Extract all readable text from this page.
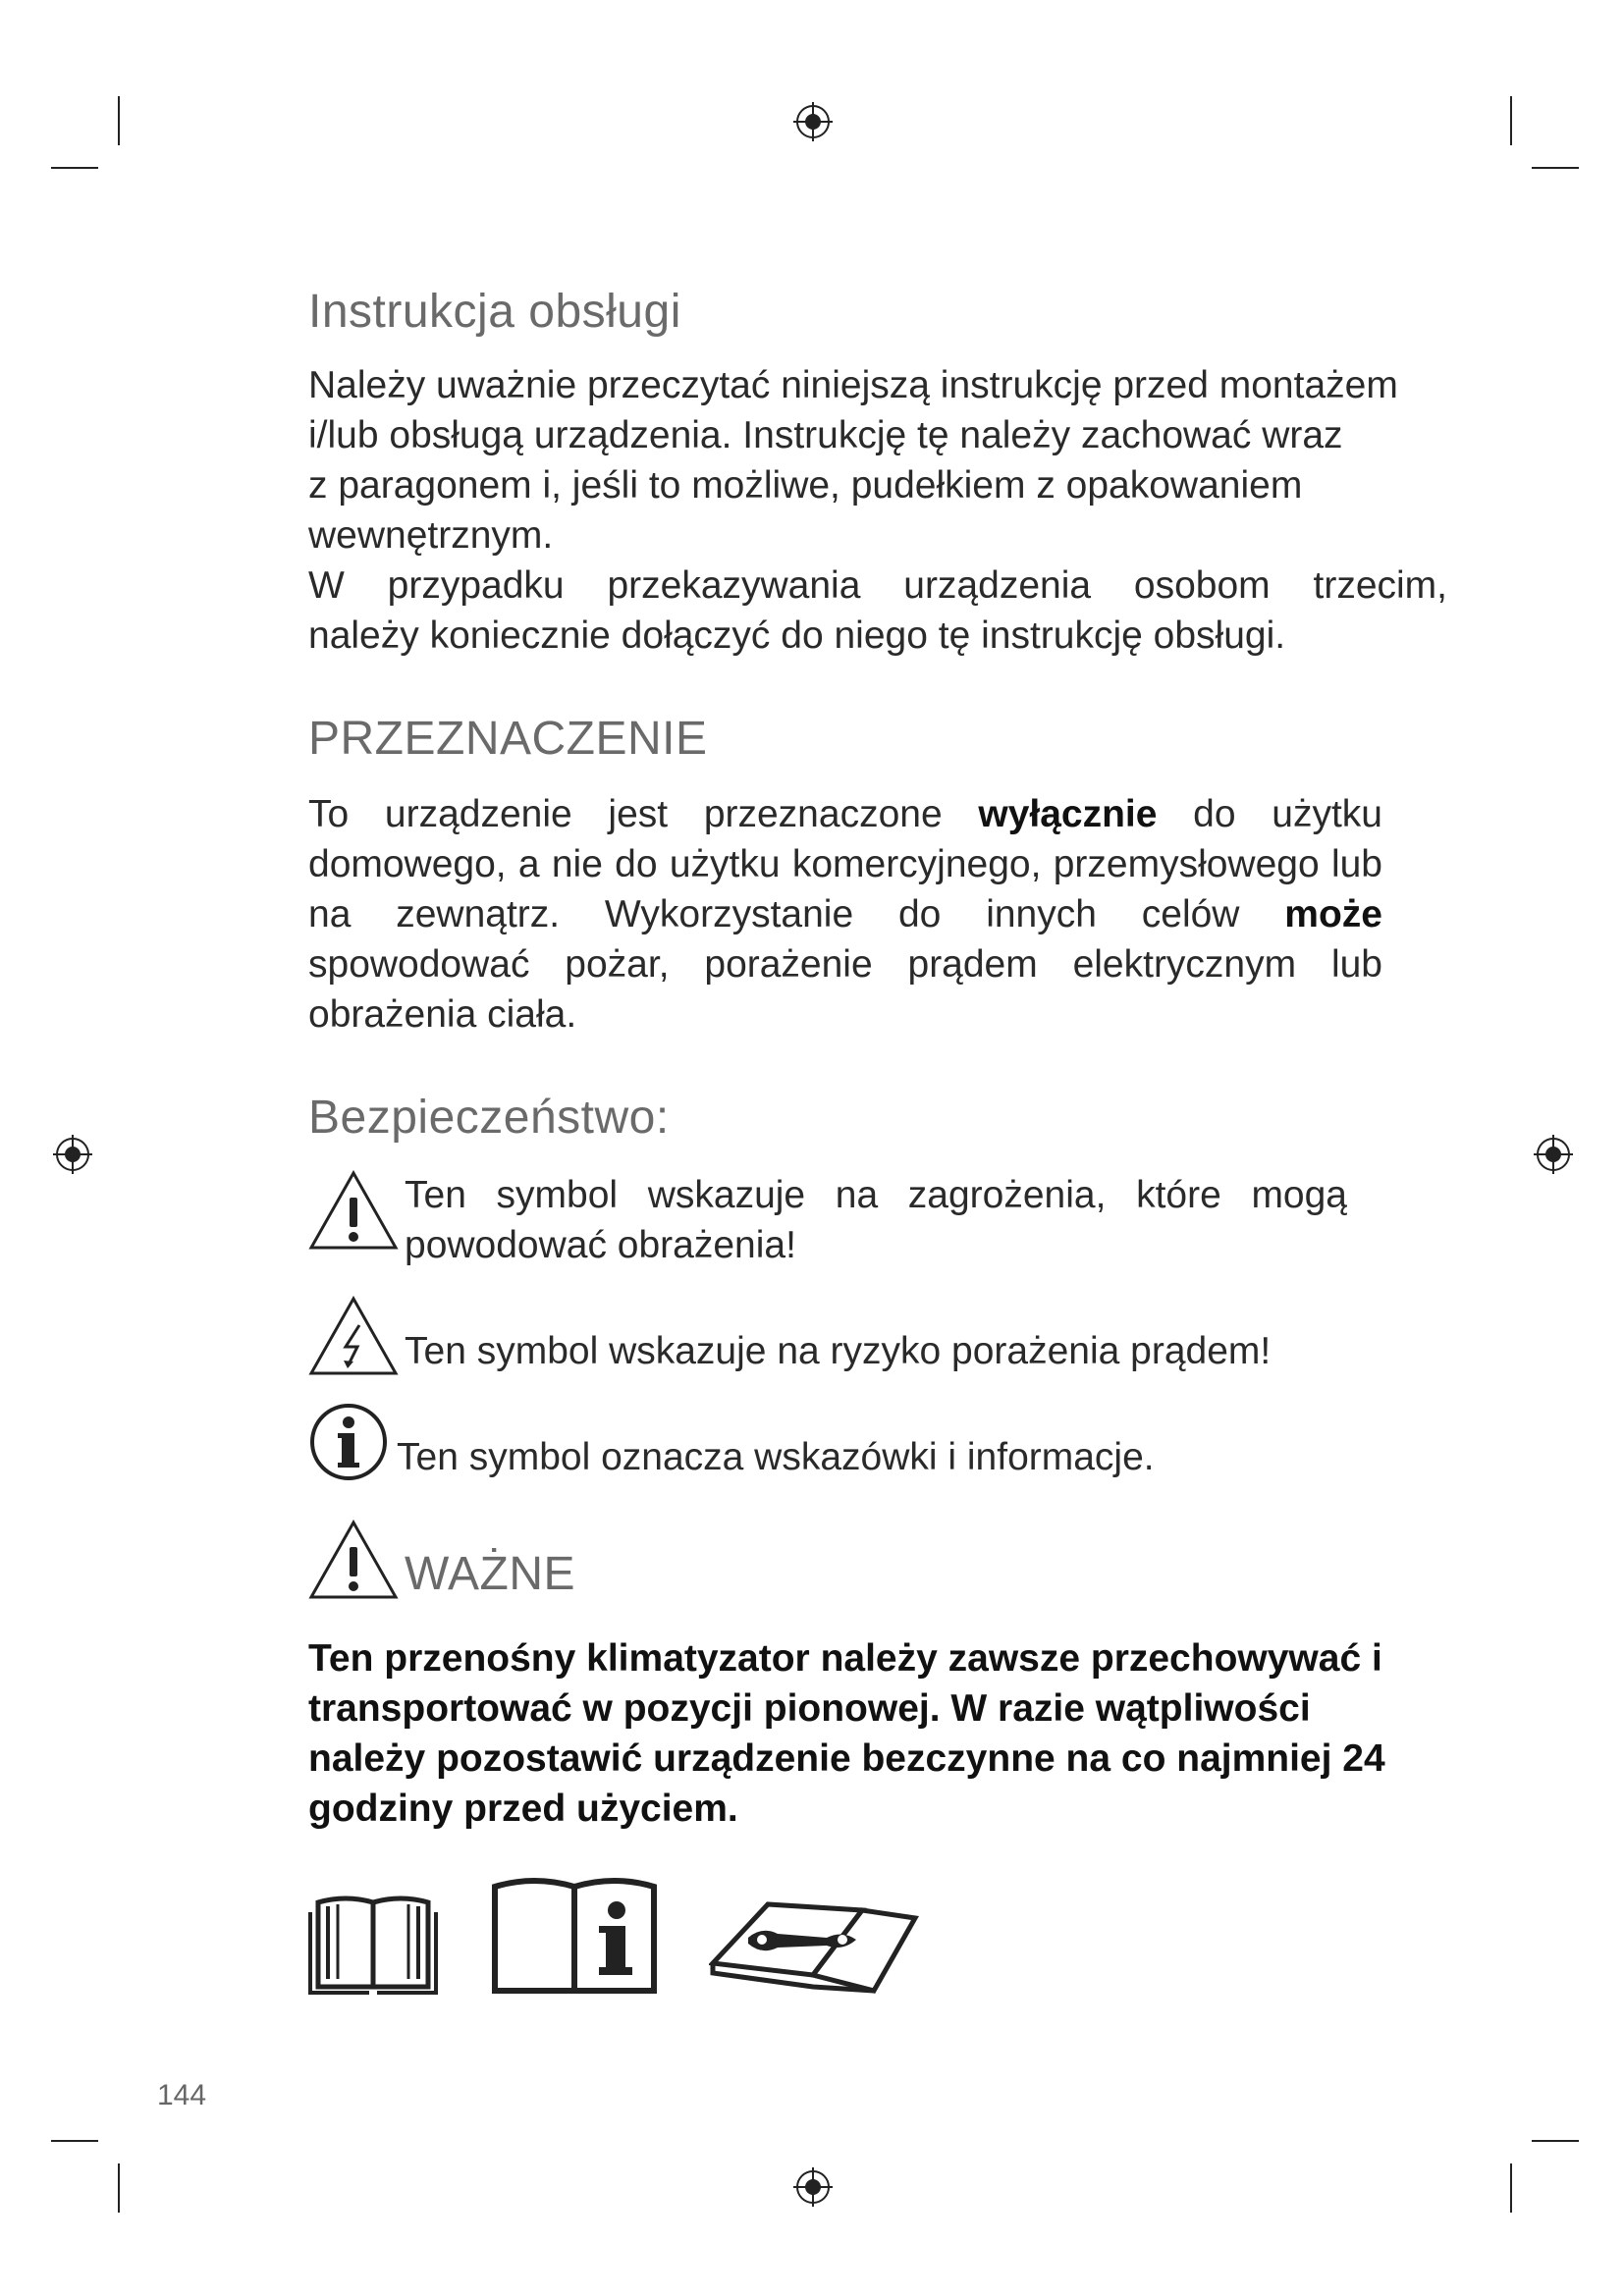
Instrukcja obsługi
Należy uważnie przeczytać niniejszą instrukcję przed montażem
i/lub obsługą urządzenia. Instrukcję tę należy zachować wraz
z paragonem i, jeśli to możliwe, pudełkiem z opakowaniem
wewnętrznym.
W przypadku przekazywania urządzenia osobom trzecim,
należy koniecznie dołączyć do niego tę instrukcję obsługi.
PRZEZNACZENIE

To urządzenie jest przeznaczone wyłącznie do użytku domowego, a nie do użytku komercyjnego, przemysłowego lub na zewnątrz. Wykorzystanie do innych celów może spowodować pożar, porażenie prądem elektrycznym lub obrażenia ciała.

Bezpieczeństwo:
Ten symbol wskazuje na zagrożenia, które mogą powodować obrażenia!
Ten symbol wskazuje na ryzyko porażenia prądem!
Ten symbol oznacza wskazówki i informacje.
WAŻNE

Ten przenośny klimatyzator należy zawsze przechowywać i transportować w pozycji pionowej. W razie wątpliwości należy pozostawić urządzenie bezczynne na co najmniej 24 godziny przed użyciem.

144
